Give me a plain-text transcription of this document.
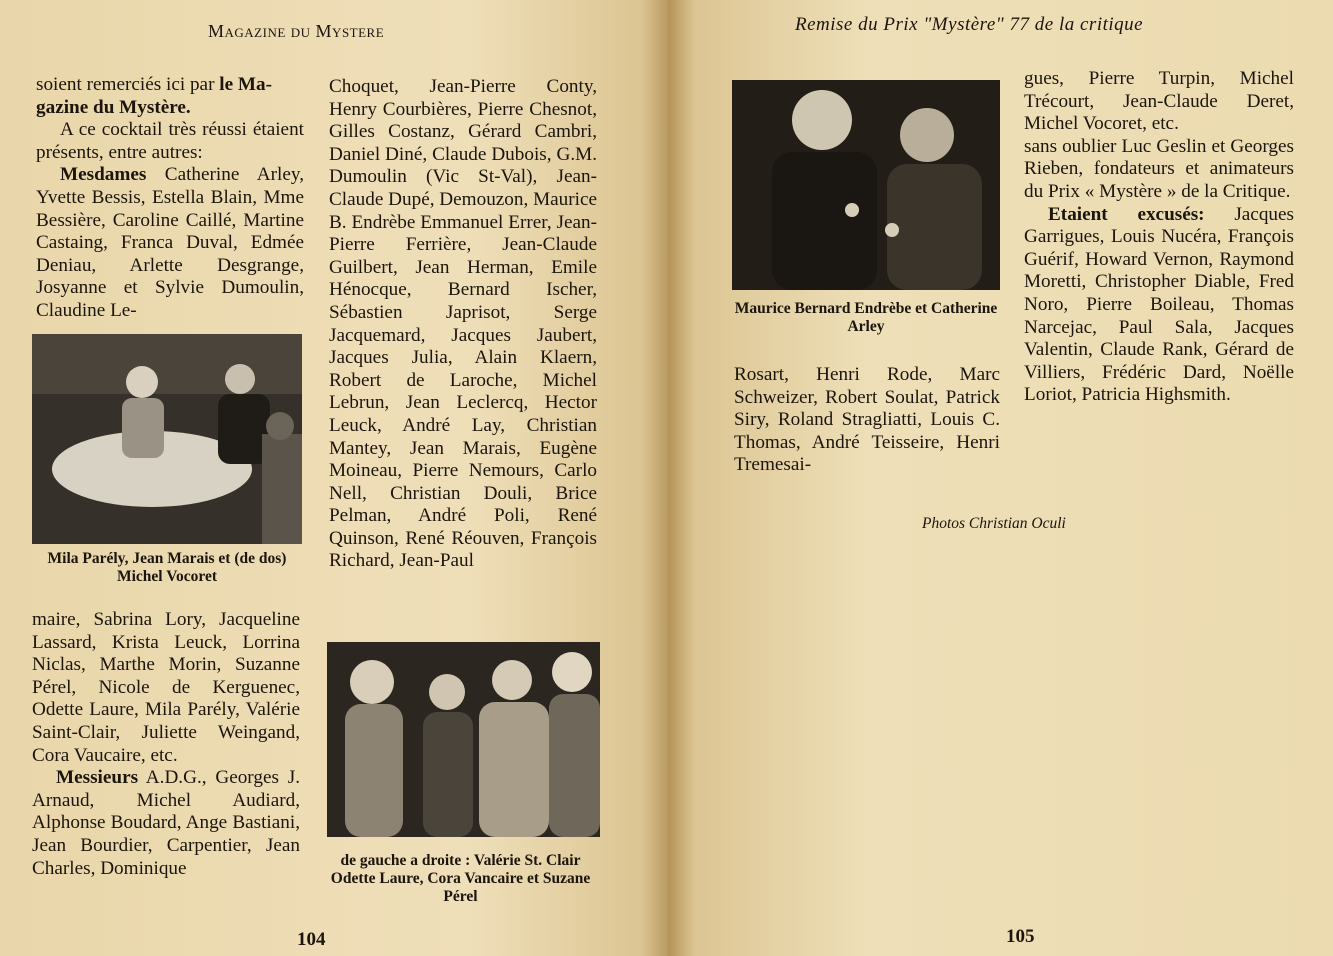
Magazine du Mystere

soient remerciés ici par le Ma-
gazine du Mystère.

A ce cocktail très réussi étaient présents, entre autres:

Mesdames Catherine Arley, Yvette Bessis, Estella Blain, Mme Bessière, Caroline Caillé, Martine Castaing, Franca Duval, Edmée Deniau, Arlette Desgrange, Josyanne et Sylvie Dumoulin, Claudine Le-

Mila Parély, Jean Marais et (de dos) Michel Vocoret

maire, Sabrina Lory, Jacqueline Lassard, Krista Leuck, Lorrina Niclas, Marthe Morin, Suzanne Pérel, Nicole de Kerguenec, Odette Laure, Mila Parély, Valérie Saint-Clair, Juliette Weingand, Cora Vaucaire, etc.

Messieurs A.D.G., Georges J. Arnaud, Michel Audiard, Alphonse Boudard, Ange Bastiani, Jean Bourdier, Carpentier, Jean Charles, Dominique

Choquet, Jean-Pierre Conty, Henry Courbières, Pierre Chesnot, Gilles Costanz, Gérard Cambri, Daniel Diné, Claude Dubois, G.M. Dumoulin (Vic St-Val), Jean-Claude Dupé, Demouzon, Maurice B. Endrèbe Emmanuel Errer, Jean-Pierre Ferrière, Jean-Claude Guilbert, Jean Herman, Emile Hénocque, Bernard Ischer, Sébastien Japrisot, Serge Jacquemard, Jacques Jaubert, Jacques Julia, Alain Klaern, Robert de Laroche, Michel Lebrun, Jean Leclercq, Hector Leuck, André Lay, Christian Mantey, Jean Marais, Eugène Moineau, Pierre Nemours, Carlo Nell, Christian Douli, Brice Pelman, André Poli, René Quinson, René Réouven, François Richard, Jean-Paul

de gauche a droite : Valérie St. Clair Odette Laure, Cora Vancaire et Suzane Pérel
104
Remise du Prix "Mystère" 77 de la critique
Maurice Bernard Endrèbe et Catherine Arley

Rosart, Henri Rode, Marc Schweizer, Robert Soulat, Patrick Siry, Roland Stragliatti, Louis C. Thomas, André Teisseire, Henri Tremesai-

gues, Pierre Turpin, Michel Trécourt, Jean-Claude Deret, Michel Vocoret, etc.

sans oublier Luc Geslin et Georges Rieben, fondateurs et animateurs du Prix « Mystère » de la Critique.

Etaient excusés: Jacques Garrigues, Louis Nucéra, François Guérif, Howard Vernon, Raymond Moretti, Christopher Diable, Fred Noro, Pierre Boileau, Thomas Narcejac, Paul Sala, Jacques Valentin, Claude Rank, Gérard de Villiers, Frédéric Dard, Noëlle Loriot, Patricia Highsmith.

Photos Christian Oculi
105
